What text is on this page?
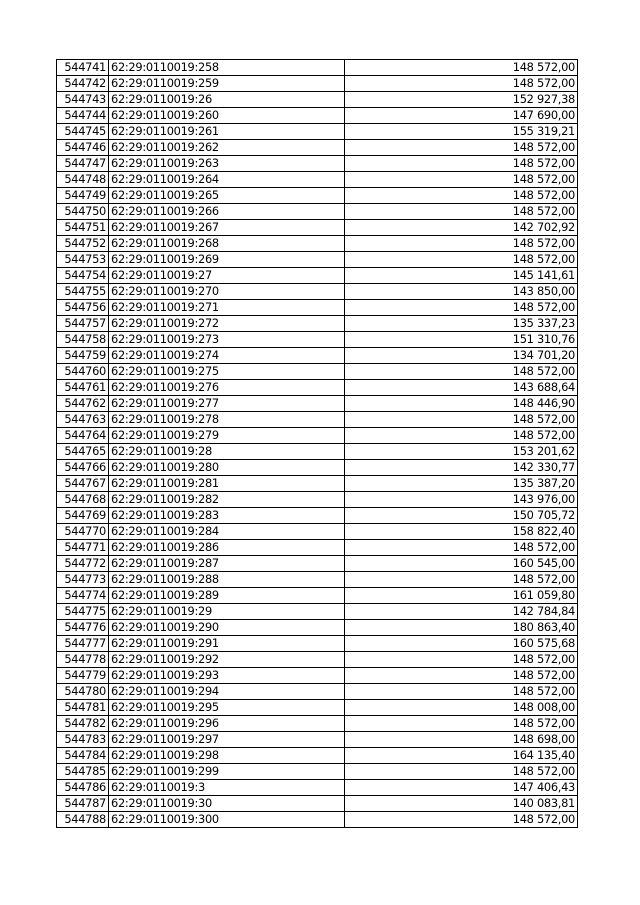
544741	62:29:0110019:258	148 572,00
544742	62:29:0110019:259	148 572,00
544743	62:29:0110019:26	152 927,38
544744	62:29:0110019:260	147 690,00
544745	62:29:0110019:261	155 319,21
544746	62:29:0110019:262	148 572,00
544747	62:29:0110019:263	148 572,00
544748	62:29:0110019:264	148 572,00
544749	62:29:0110019:265	148 572,00
544750	62:29:0110019:266	148 572,00
544751	62:29:0110019:267	142 702,92
544752	62:29:0110019:268	148 572,00
544753	62:29:0110019:269	148 572,00
544754	62:29:0110019:27	145 141,61
544755	62:29:0110019:270	143 850,00
544756	62:29:0110019:271	148 572,00
544757	62:29:0110019:272	135 337,23
544758	62:29:0110019:273	151 310,76
544759	62:29:0110019:274	134 701,20
544760	62:29:0110019:275	148 572,00
544761	62:29:0110019:276	143 688,64
544762	62:29:0110019:277	148 446,90
544763	62:29:0110019:278	148 572,00
544764	62:29:0110019:279	148 572,00
544765	62:29:0110019:28	153 201,62
544766	62:29:0110019:280	142 330,77
544767	62:29:0110019:281	135 387,20
544768	62:29:0110019:282	143 976,00
544769	62:29:0110019:283	150 705,72
544770	62:29:0110019:284	158 822,40
544771	62:29:0110019:286	148 572,00
544772	62:29:0110019:287	160 545,00
544773	62:29:0110019:288	148 572,00
544774	62:29:0110019:289	161 059,80
544775	62:29:0110019:29	142 784,84
544776	62:29:0110019:290	180 863,40
544777	62:29:0110019:291	160 575,68
544778	62:29:0110019:292	148 572,00
544779	62:29:0110019:293	148 572,00
544780	62:29:0110019:294	148 572,00
544781	62:29:0110019:295	148 008,00
544782	62:29:0110019:296	148 572,00
544783	62:29:0110019:297	148 698,00
544784	62:29:0110019:298	164 135,40
544785	62:29:0110019:299	148 572,00
544786	62:29:0110019:3	147 406,43
544787	62:29:0110019:30	140 083,81
544788	62:29:0110019:300	148 572,00
